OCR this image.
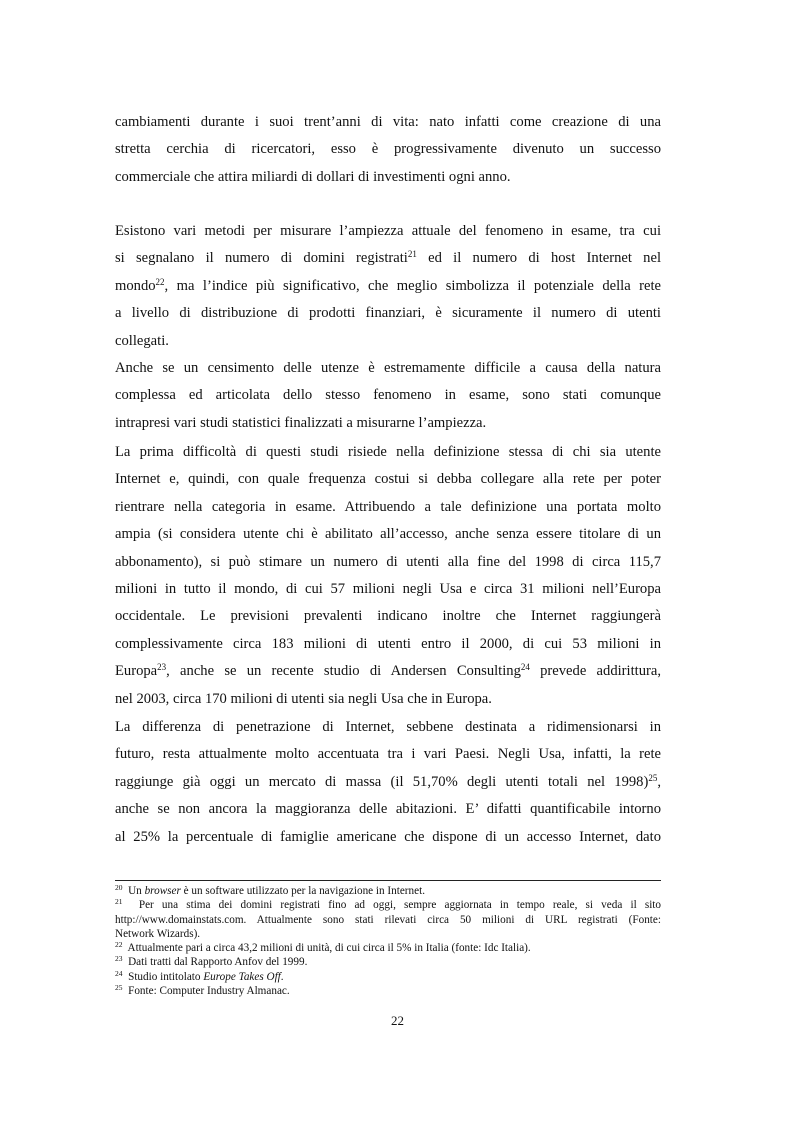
cambiamenti durante i suoi trent’anni di vita: nato infatti come creazione di una
stretta cerchia di ricercatori, esso è progressivamente divenuto un successo
commerciale che attira miliardi di dollari di investimenti ogni anno.
Esistono vari metodi per misurare l’ampiezza attuale del fenomeno in esame, tra cui
si segnalano il numero di domini registrati$^{21}$ ed il numero di host Internet nel
mondo$^{22}$, ma l’indice più significativo, che meglio simbolizza il potenziale della rete
a livello di distribuzione di prodotti finanziari, è sicuramente il numero di utenti
collegati.
Anche se un censimento delle utenze è estremamente difficile a causa della natura
complessa ed articolata dello stesso fenomeno in esame, sono stati comunque
intrapresi vari studi statistici finalizzati a misurarne l’ampiezza.
La prima difficoltà di questi studi risiede nella definizione stessa di chi sia utente
Internet e, quindi, con quale frequenza costui si debba collegare alla rete per poter
rientrare nella categoria in esame. Attribuendo a tale definizione una portata molto
ampia (si considera utente chi è abilitato all’accesso, anche senza essere titolare di un
abbonamento), si può stimare un numero di utenti alla fine del 1998 di circa 115,7
milioni in tutto il mondo, di cui 57 milioni negli Usa e circa 31 milioni nell’Europa
occidentale. Le previsioni prevalenti indicano inoltre che Internet raggiungerà
complessivamente circa 183 milioni di utenti entro il 2000, di cui 53 milioni in
Europa$^{23}$, anche se un recente studio di Andersen Consulting$^{24}$ prevede addirittura,
nel 2003, circa 170 milioni di utenti sia negli Usa che in Europa.
La differenza di penetrazione di Internet, sebbene destinata a ridimensionarsi in
futuro, resta attualmente molto accentuata tra i vari Paesi. Negli Usa, infatti, la rete
raggiunge già oggi un mercato di massa (il 51,70% degli utenti totali nel 1998)$^{25}$,
anche se non ancora la maggioranza delle abitazioni. E’ difatti quantificabile intorno
al 25% la percentuale di famiglie americane che dispone di un accesso Internet, dato
$^{20}$ Un browser è un software utilizzato per la navigazione in Internet.
$^{21}$ Per una stima dei domini registrati fino ad oggi, sempre aggiornata in tempo reale, si veda il sito
http://www.domainstats.com. Attualmente sono stati rilevati circa 50 milioni di URL registrati (Fonte:
Network Wizards).
$^{22}$ Attualmente pari a circa 43,2 milioni di unità, di cui circa il 5% in Italia (fonte: Idc Italia).
$^{23}$ Dati tratti dal Rapporto Anfov del 1999.
$^{24}$ Studio intitolato Europe Takes Off.
$^{25}$ Fonte: Computer Industry Almanac.
22
